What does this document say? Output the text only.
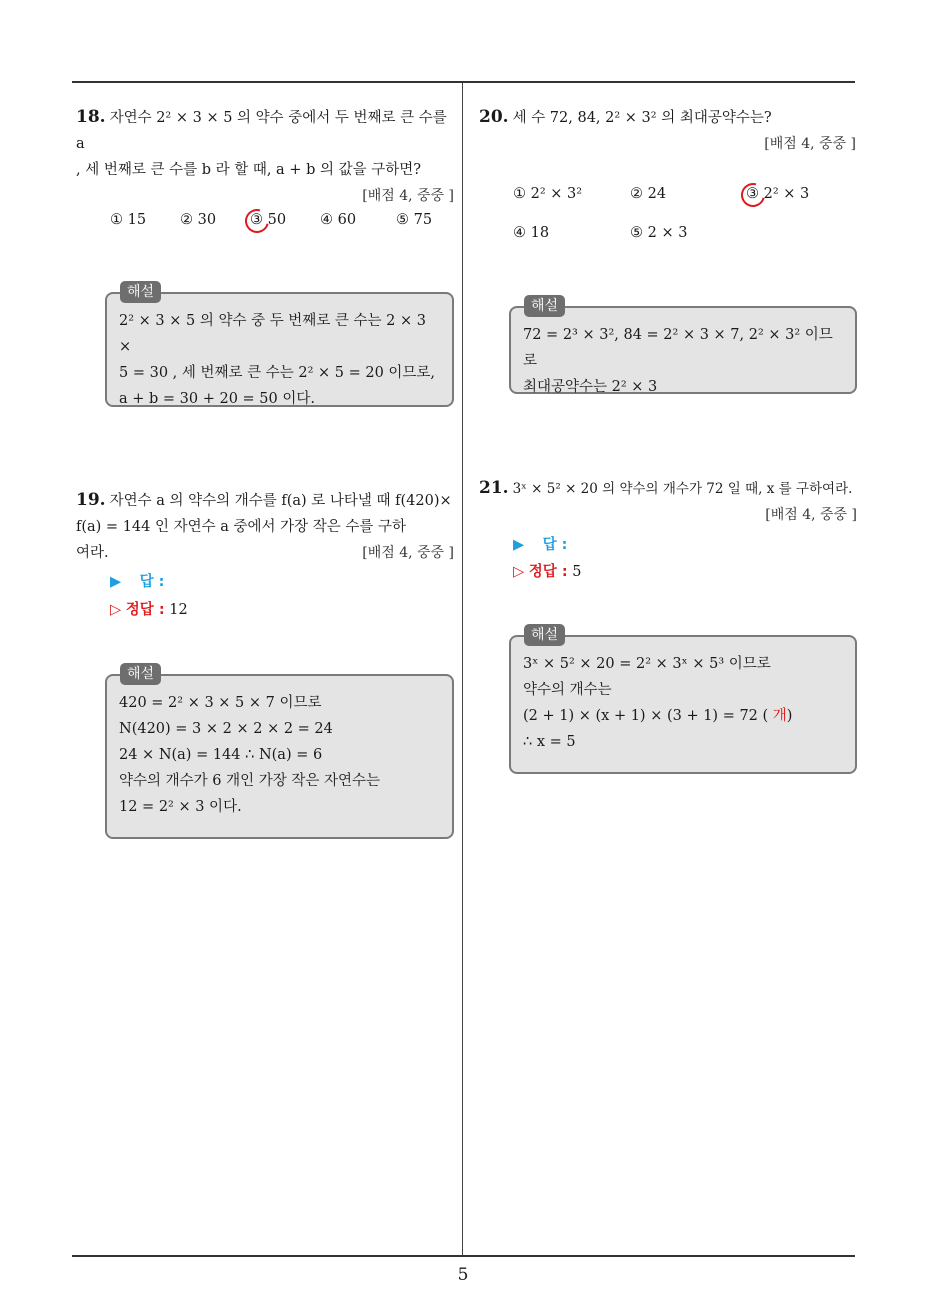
18. 자연수 2² × 3 × 5 의 약수 중에서 두 번째로 큰 수를 a
, 세 번째로 큰 수를 b 라 할 때, a + b 의 값을 구하면?
[배점 4, 중중 ]
① 15 ② 30 ③ 50 ④ 60	⑤ 75
해설
2² × 3 × 5 의 약수 중 두 번째로 큰 수는 2 × 3 ×
5 = 30 , 세 번째로 큰 수는 2² × 5 = 20 이므로,
a + b = 30 + 20 = 50 이다.
19. 자연수 a 의 약수의 개수를 f(a) 로 나타낼 때 f(420)×
f(a) = 144 인 자연수 a 중에서 가장 작은 수를 구하
여라.	[배점 4, 중중 ]
▶ 답 :
▷ 정답 : 12
해설
420 = 2² × 3 × 5 × 7 이므로
N(420) = 3 × 2 × 2 × 2 = 24
24 × N(a) = 144 ∴ N(a) = 6
약수의 개수가 6 개인 가장 작은 자연수는
12 = 2² × 3 이다.
20. 세 수 72, 84, 2² × 3² 의 최대공약수는?
[배점 4, 중중 ]
① 2² × 3²	② 24	③ 2² × 3
④ 18	⑤ 2 × 3
해설
72 = 2³ × 3², 84 = 2² × 3 × 7, 2² × 3² 이므로
최대공약수는 2² × 3
21. 3ˣ × 5² × 20 의 약수의 개수가 72 일 때, x 를 구하여라.
[배점 4, 중중 ]
▶ 답 :
▷ 정답 : 5
해설
3ˣ × 5² × 20 = 2² × 3ˣ × 5³ 이므로
약수의 개수는
(2 + 1) × (x + 1) × (3 + 1) = 72 ( 개)
∴ x = 5
5
